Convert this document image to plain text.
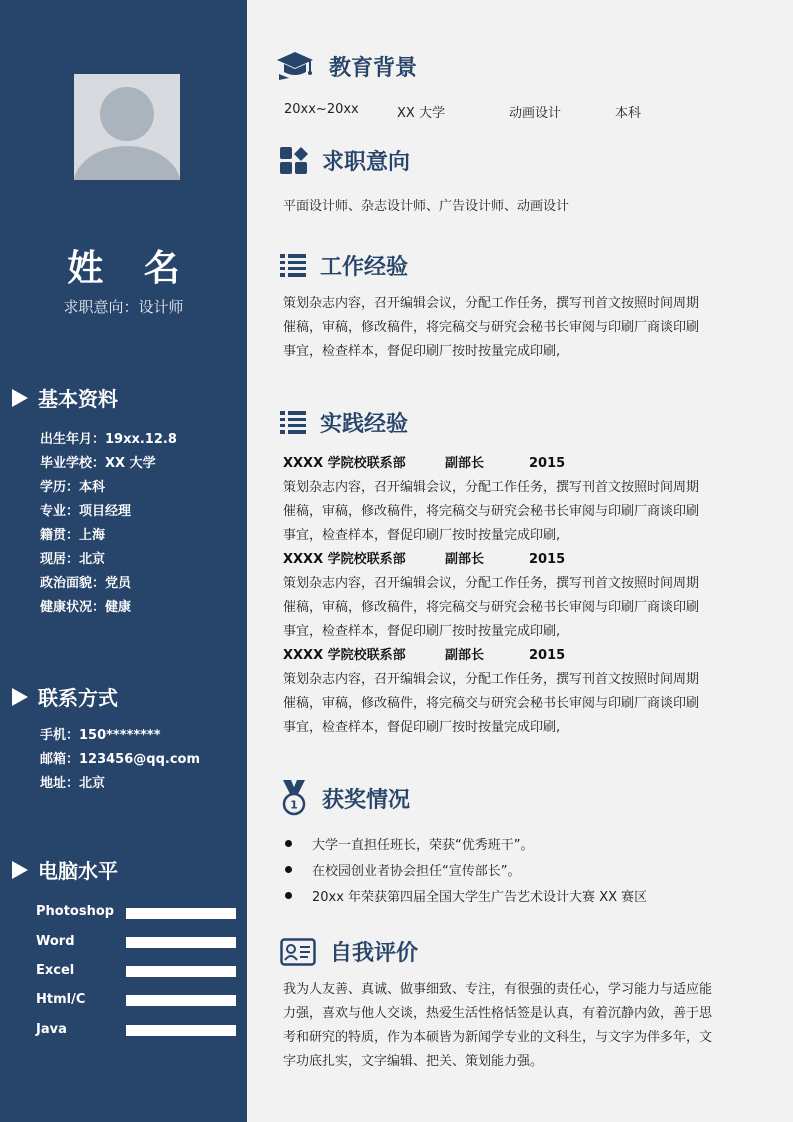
姓 名
求职意向：设计师
基本资料
出生年月：19xx.12.8
毕业学校：XX 大学
学历：本科
专业：项目经理
籍贯：上海
现居：北京
政治面貌：党员
健康状况：健康
联系方式
手机：150********
邮箱：123456@qq.com
地址：北京
电脑水平
Photoshop
Word
Excel
Html/C
Java
教育背景
20xx~20xx	XX 大学	动画设计	本科
求职意向
平面设计师、杂志设计师、广告设计师、动画设计
工作经验
策划杂志内容，召开编辑会议，分配工作任务，撰写刊首文按照时间周期
催稿，审稿，修改稿件，将完稿交与研究会秘书长审阅与印刷厂商谈印刷
事宜，检查样本，督促印刷厂按时按量完成印刷,
实践经验
XXXX 学院校联系部	副部长	2015
策划杂志内容，召开编辑会议，分配工作任务，撰写刊首文按照时间周期
催稿，审稿，修改稿件，将完稿交与研究会秘书长审阅与印刷厂商谈印刷
事宜，检查样本，督促印刷厂按时按量完成印刷,
XXXX 学院校联系部	副部长	2015
策划杂志内容，召开编辑会议，分配工作任务，撰写刊首文按照时间周期
催稿，审稿，修改稿件，将完稿交与研究会秘书长审阅与印刷厂商谈印刷
事宜，检查样本，督促印刷厂按时按量完成印刷,
XXXX 学院校联系部	副部长	2015
策划杂志内容，召开编辑会议，分配工作任务，撰写刊首文按照时间周期
催稿，审稿，修改稿件，将完稿交与研究会秘书长审阅与印刷厂商谈印刷
事宜，检查样本，督促印刷厂按时按量完成印刷,
1 获奖情况
大学一直担任班长，荣获“优秀班干”。
在校园创业者协会担任“宣传部长”。
20xx 年荣获第四届全国大学生广告艺术设计大赛 XX 赛区
自我评价
我为人友善、真诚、做事细致、专注，有很强的责任心，学习能力与适应能
力强，喜欢与他人交谈，热爱生活性格恬签是认真，有着沉静内敛，善于思
考和研究的特质，作为本硕皆为新闻学专业的文科生，与文字为伴多年，文
字功底扎实，文字编辑、把关、策划能力强。
